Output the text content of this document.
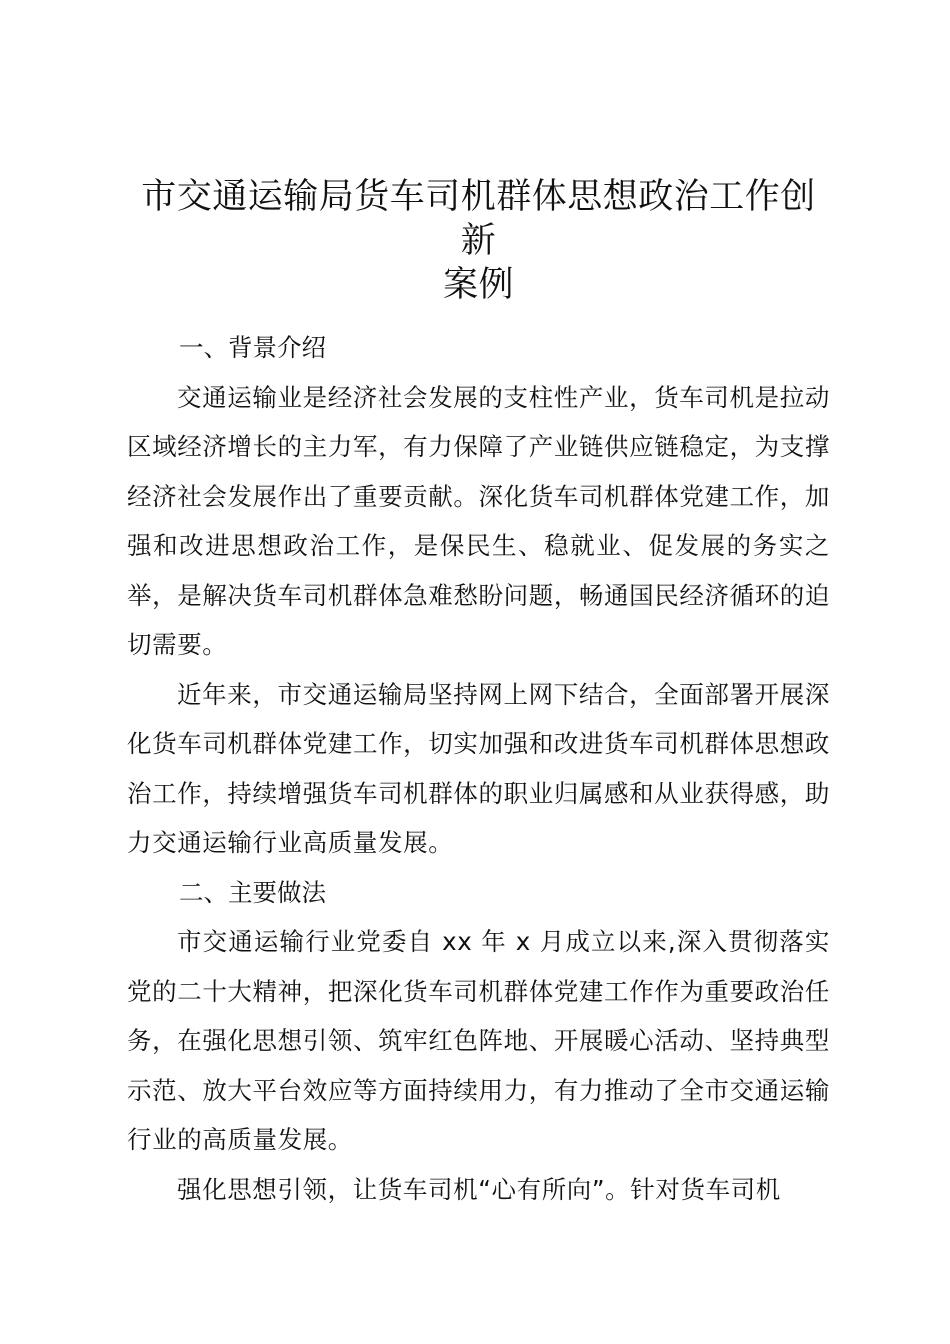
市交通运输局货车司机群体思想政治工作创新
案例

一、背景介绍

交通运输业是经济社会发展的支柱性产业，货车司机是拉动区域经济增长的主力军，有力保障了产业链供应链稳定，为支撑经济社会发展作出了重要贡献。深化货车司机群体党建工作，加强和改进思想政治工作，是保民生、稳就业、促发展的务实之举，是解决货车司机群体急难愁盼问题，畅通国民经济循环的迫切需要。

近年来，市交通运输局坚持网上网下结合，全面部署开展深化货车司机群体党建工作，切实加强和改进货车司机群体思想政治工作，持续增强货车司机群体的职业归属感和从业获得感，助力交通运输行业高质量发展。

二、主要做法

市交通运输行业党委自 xx 年 x 月成立以来,深入贯彻落实党的二十大精神，把深化货车司机群体党建工作作为重要政治任务，在强化思想引领、筑牢红色阵地、开展暖心活动、坚持典型示范、放大平台效应等方面持续用力，有力推动了全市交通运输行业的高质量发展。

强化思想引领，让货车司机“心有所向”。针对货车司机
